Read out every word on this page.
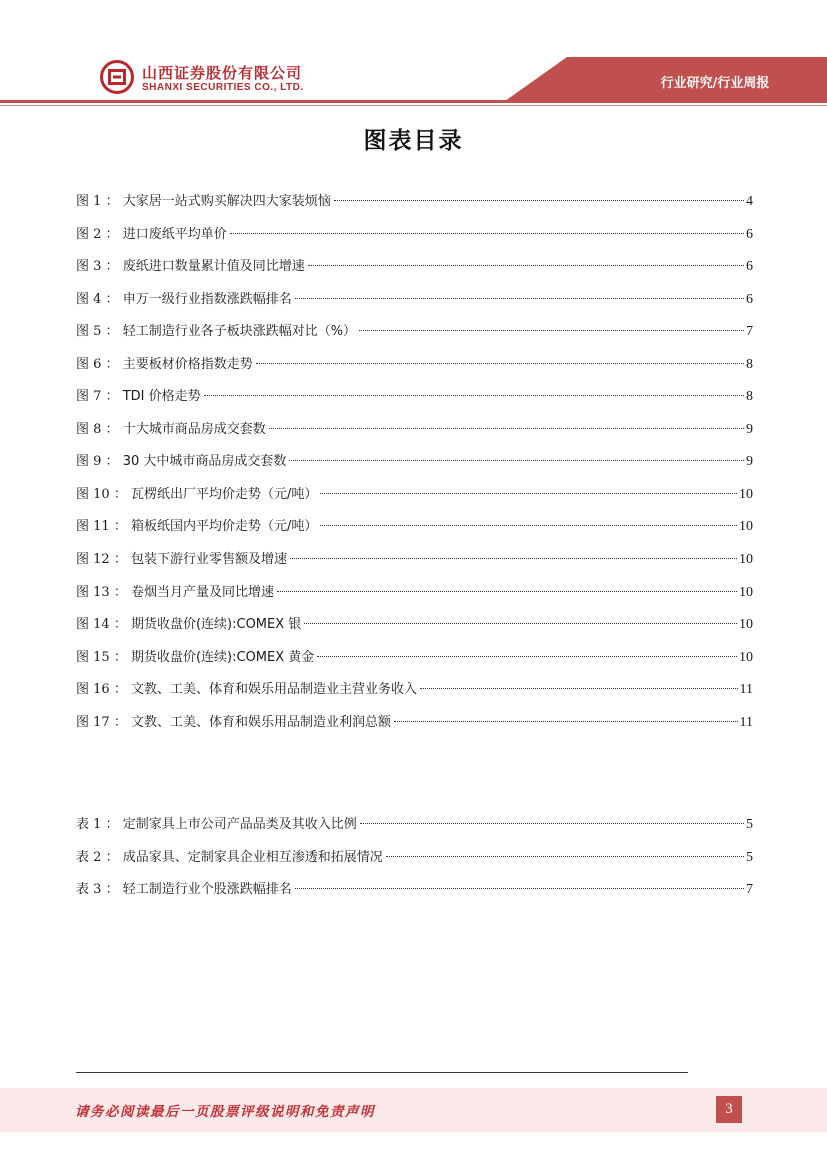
山西证券股份有限公司
SHANXI SECURITIES CO., LTD.	行业研究/行业周报
图表目录
图 1 ： 大家居一站式购买解决四大家装烦恼	4
图 2 ： 进口废纸平均单价	6
图 3 ： 废纸进口数量累计值及同比增速	6
图 4 ： 申万一级行业指数涨跌幅排名	6
图 5 ： 轻工制造行业各子板块涨跌幅对比（%）	7
图 6 ： 主要板材价格指数走势	8
图 7 ： TDI 价格走势	8
图 8 ： 十大城市商品房成交套数	9
图 9 ： 30 大中城市商品房成交套数	9
图 10 ： 瓦楞纸出厂平均价走势（元/吨）	10
图 11 ： 箱板纸国内平均价走势（元/吨）	10
图 12 ： 包装下游行业零售额及增速	10
图 13 ： 卷烟当月产量及同比增速	10
图 14 ： 期货收盘价(连续):COMEX 银	10
图 15 ： 期货收盘价(连续):COMEX 黄金	10
图 16 ： 文教、工美、体育和娱乐用品制造业主营业务收入	11
图 17 ： 文教、工美、体育和娱乐用品制造业利润总额	11
表 1 ： 定制家具上市公司产品品类及其收入比例	5
表 2 ： 成品家具、定制家具企业相互渗透和拓展情况	5
表 3 ： 轻工制造行业个股涨跌幅排名	7
请务必阅读最后一页股票评级说明和免责声明	3
